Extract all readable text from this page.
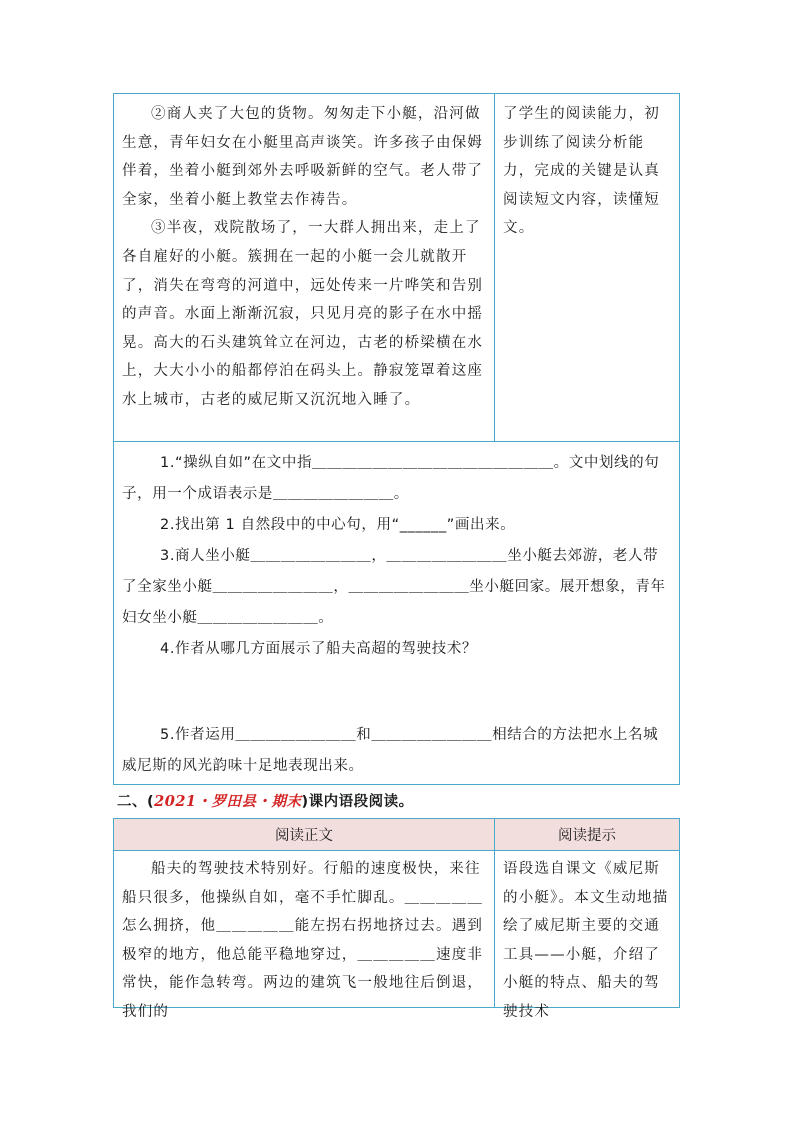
②商人夹了大包的货物。匆匆走下小艇，沿河做生意，青年妇女在小艇里高声谈笑。许多孩子由保姆伴着，坐着小艇到郊外去呼吸新鲜的空气。老人带了全家，坐着小艇上教堂去作祷告。

③半夜，戏院散场了，一大群人拥出来，走上了各自雇好的小艇。簇拥在一起的小艇一会儿就散开了，消失在弯弯的河道中，远处传来一片哗笑和告别的声音。水面上渐渐沉寂，只见月亮的影子在水中摇晃。高大的石头建筑耸立在河边，古老的桥梁横在水上，大大小小的船都停泊在码头上。静寂笼罩着这座水上城市，古老的威尼斯又沉沉地入睡了。

了学生的阅读能力，初步训练了阅读分析能力，完成的关键是认真阅读短文内容，读懂短文。

1.“操纵自如”在文中指＿＿＿＿＿＿＿＿＿＿＿＿＿＿＿＿。文中划线的句子，用一个成语表示是＿＿＿＿＿＿＿＿。

2.找出第 1 自然段中的中心句，用“______”画出来。

3.商人坐小艇＿＿＿＿＿＿＿＿，＿＿＿＿＿＿＿＿坐小艇去郊游，老人带了全家坐小艇＿＿＿＿＿＿＿＿，＿＿＿＿＿＿＿＿坐小艇回家。展开想象，青年妇女坐小艇＿＿＿＿＿＿＿＿。

4.作者从哪几方面展示了船夫高超的驾驶技术？

5.作者运用＿＿＿＿＿＿＿＿和＿＿＿＿＿＿＿＿相结合的方法把水上名城威尼斯的风光韵味十足地表现出来。

二、(2021・罗田县・期末)课内语段阅读。
阅读正文	阅读提示

船夫的驾驶技术特别好。行船的速度极快，来往船只很多，他操纵自如，毫不手忙脚乱。＿＿＿＿＿怎么拥挤，他＿＿＿＿＿能左拐右拐地挤过去。遇到极窄的地方，他总能平稳地穿过，＿＿＿＿＿速度非常快，能作急转弯。两边的建筑飞一般地往后倒退，我们的

语段选自课文《威尼斯的小艇》。本文生动地描绘了威尼斯主要的交通工具——小艇，介绍了小艇的特点、船夫的驾驶技术
